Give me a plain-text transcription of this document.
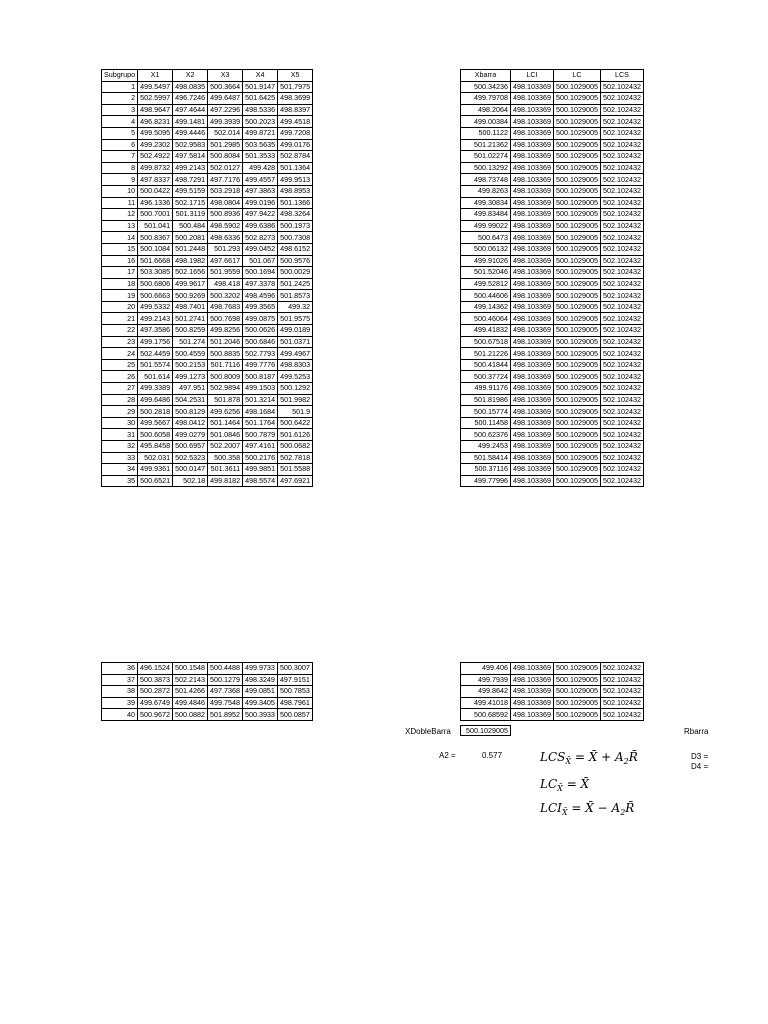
Subgrupo	X1	X2	X3	X4	X5
1	499.5497	498.0835	500.3664	501.9147	501.7975
2	502.5997	496.7246	499.6487	501.6425	498.3699
3	498.9647	497.4644	497.2296	498.5336	498.8397
4	496.8231	499.1481	499.3939	500.2023	499.4518
5	499.5095	499.4446	502.014	499.8721	499.7208
6	499.2302	502.9583	501.2985	503.5635	499.0176
7	502.4922	497.5814	500.8084	501.3533	502.8784
8	499.8732	499.2143	502.0127	499.428	501.1364
9	497.8337	498.7291	497.7176	499.4557	499.9513
10	500.0422	499.5159	503.2918	497.3863	498.8953
11	496.1336	502.1715	498.0804	499.0196	501.1366
12	500.7001	501.3119	500.8936	497.9422	498.3264
13	501.041	500.484	498.5902	499.6386	500.1973
14	500.8367	500.2081	498.6336	502.8273	500.7308
15	500.1084	501.2448	501.293	499.0452	498.6152
16	501.6668	498.1982	497.6617	501.067	500.9576
17	503.3085	502.1656	501.9559	500.1694	500.0029
18	500.6806	499.9617	498.418	497.3378	501.2425
19	500.6663	500.9269	500.3202	498.4596	501.8573
20	499.5332	498.7401	498.7683	499.3565	499.32
21	499.2143	501.2741	500.7698	499.0875	501.9575
22	497.3586	500.8259	499.8256	500.0626	499.0189
23	499.1756	501.274	501.2046	500.6846	501.0371
24	502.4459	500.4559	500.8835	502.7793	499.4967
25	501.5574	500.2153	501.7116	499.7776	498.8303
26	501.614	499.1273	500.8009	500.8187	499.5253
27	499.3389	497.951	502.9894	499.1503	500.1292
28	499.6486	504.2531	501.878	501.3214	501.9982
29	500.2818	500.8129	499.6256	498.1684	501.9
30	499.5667	498.0412	501.1464	501.1764	500.6422
31	500.6058	499.0279	501.0846	500.7879	501.6126
32	495.8458	500.6957	502.2007	497.4161	500.0682
33	502.031	502.5323	500.358	500.2176	502.7818
34	499.9361	500.0147	501.3611	499.9851	501.5588
35	500.6521	502.18	499.8182	498.5574	497.6921
Xbarra	LCI	LC	LCS
500.34236	498.103369	500.1029005	502.102432
499.79708	498.103369	500.1029005	502.102432
498.2064	498.103369	500.1029005	502.102432
499.00384	498.103369	500.1029005	502.102432
500.1122	498.103369	500.1029005	502.102432
501.21362	498.103369	500.1029005	502.102432
501.02274	498.103369	500.1029005	502.102432
500.13292	498.103369	500.1029005	502.102432
498.73748	498.103369	500.1029005	502.102432
499.8263	498.103369	500.1029005	502.102432
499.30834	498.103369	500.1029005	502.102432
499.83484	498.103369	500.1029005	502.102432
499.99022	498.103369	500.1029005	502.102432
500.6473	498.103369	500.1029005	502.102432
500.06132	498.103369	500.1029005	502.102432
499.91026	498.103369	500.1029005	502.102432
501.52046	498.103369	500.1029005	502.102432
499.52812	498.103369	500.1029005	502.102432
500.44606	498.103369	500.1029005	502.102432
499.14362	498.103369	500.1029005	502.102432
500.46064	498.103369	500.1029005	502.102432
499.41832	498.103369	500.1029005	502.102432
500.67518	498.103369	500.1029005	502.102432
501.21226	498.103369	500.1029005	502.102432
500.41844	498.103369	500.1029005	502.102432
500.37724	498.103369	500.1029005	502.102432
499.91176	498.103369	500.1029005	502.102432
501.81986	498.103369	500.1029005	502.102432
500.15774	498.103369	500.1029005	502.102432
500.11458	498.103369	500.1029005	502.102432
500.62376	498.103369	500.1029005	502.102432
499.2453	498.103369	500.1029005	502.102432
501.58414	498.103369	500.1029005	502.102432
500.37116	498.103369	500.1029005	502.102432
499.77996	498.103369	500.1029005	502.102432
36	496.1524	500.1548	500.4488	499.9733	500.3007
37	500.3873	502.2143	500.1279	498.3249	497.9151
38	500.2872	501.4266	497.7368	499.0851	500.7853
39	499.6749	499.4846	499.7548	499.3405	498.7961
40	500.9672	500.0882	501.8952	500.3933	500.0857
499.406	498.103369	500.1029005	502.102432
499.7939	498.103369	500.1029005	502.102432
499.8642	498.103369	500.1029005	502.102432
499.41018	498.103369	500.1029005	502.102432
500.68592	498.103369	500.1029005	502.102432
XDobleBarra	500.1029005	Rbarra
A2 =	0.577	D3 =
D4 =
$LCS_{X̄}$ = X̄ + $A_2R̄$
$LC_{X̄}$ = X̄
$LCI_{X̄}$ = X̄ − $A_2R̄$
